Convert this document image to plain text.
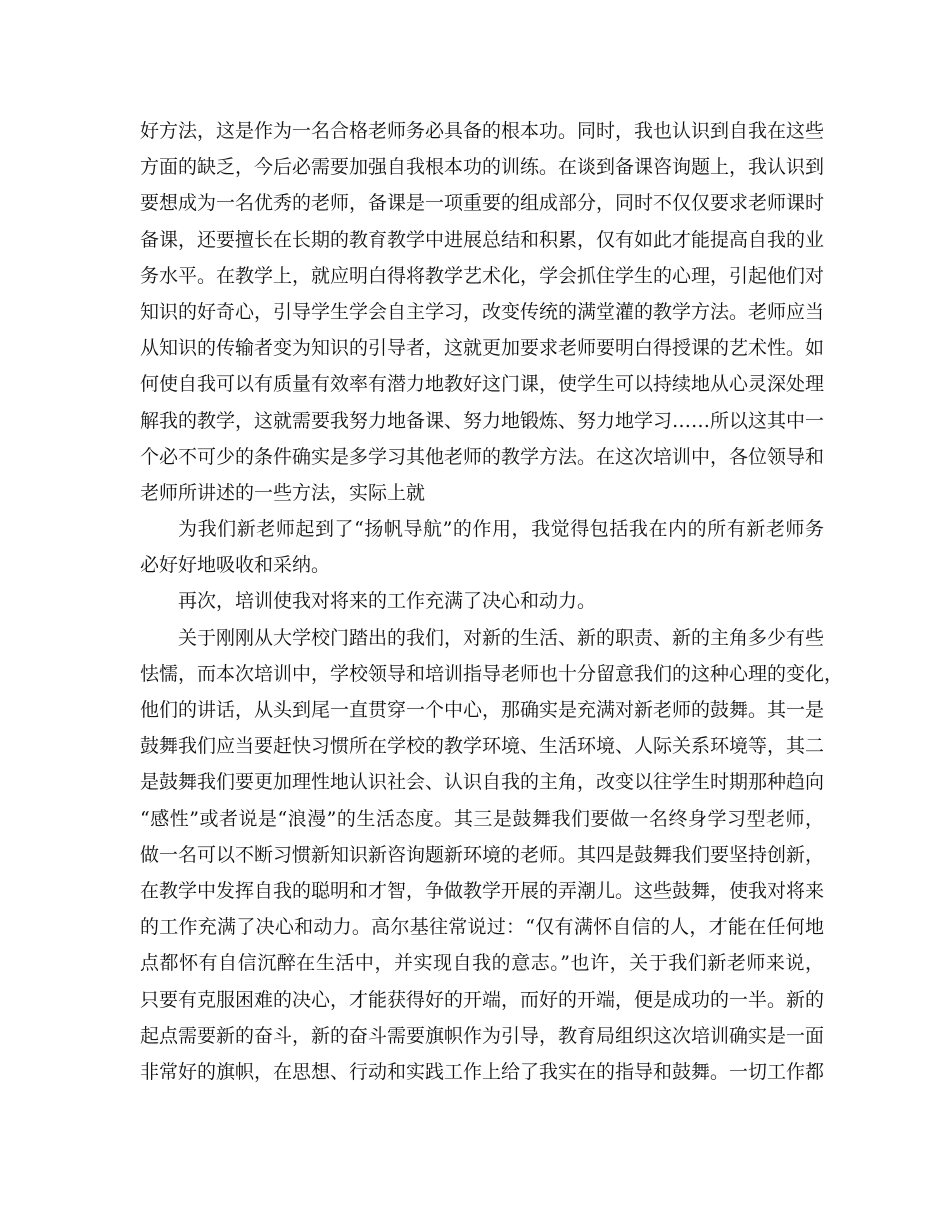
好方法，这是作为一名合格老师务必具备的根本功。同时，我也认识到自我在这些
方面的缺乏，今后必需要加强自我根本功的训练。在谈到备课咨询题上，我认识到
要想成为一名优秀的老师，备课是一项重要的组成部分，同时不仅仅要求老师课时
备课，还要擅长在长期的教育教学中进展总结和积累，仅有如此才能提高自我的业
务水平。在教学上，就应明白得将教学艺术化，学会抓住学生的心理，引起他们对
知识的好奇心，引导学生学会自主学习，改变传统的满堂灌的教学方法。老师应当
从知识的传输者变为知识的引导者，这就更加要求老师要明白得授课的艺术性。如
何使自我可以有质量有效率有潜力地教好这门课，使学生可以持续地从心灵深处理
解我的教学，这就需要我努力地备课、努力地锻炼、努力地学习……所以这其中一
个必不可少的条件确实是多学习其他老师的教学方法。在这次培训中，各位领导和
老师所讲述的一些方法，实际上就
为我们新老师起到了“扬帆导航”的作用，我觉得包括我在内的所有新老师务
必好好地吸收和采纳。
再次，培训使我对将来的工作充满了决心和动力。
关于刚刚从大学校门踏出的我们，对新的生活、新的职责、新的主角多少有些
怯懦，而本次培训中，学校领导和培训指导老师也十分留意我们的这种心理的变化，
他们的讲话，从头到尾一直贯穿一个中心，那确实是充满对新老师的鼓舞。其一是
鼓舞我们应当要赶快习惯所在学校的教学环境、生活环境、人际关系环境等，其二
是鼓舞我们要更加理性地认识社会、认识自我的主角，改变以往学生时期那种趋向
“感性”或者说是“浪漫”的生活态度。其三是鼓舞我们要做一名终身学习型老师，
做一名可以不断习惯新知识新咨询题新环境的老师。其四是鼓舞我们要坚持创新，
在教学中发挥自我的聪明和才智，争做教学开展的弄潮儿。这些鼓舞，使我对将来
的工作充满了决心和动力。高尔基往常说过：“仅有满怀自信的人，才能在任何地
点都怀有自信沉醉在生活中，并实现自我的意志。”也许，关于我们新老师来说，
只要有克服困难的决心，才能获得好的开端，而好的开端，便是成功的一半。新的
起点需要新的奋斗，新的奋斗需要旗帜作为引导，教育局组织这次培训确实是一面
非常好的旗帜，在思想、行动和实践工作上给了我实在的指导和鼓舞。一切工作都
